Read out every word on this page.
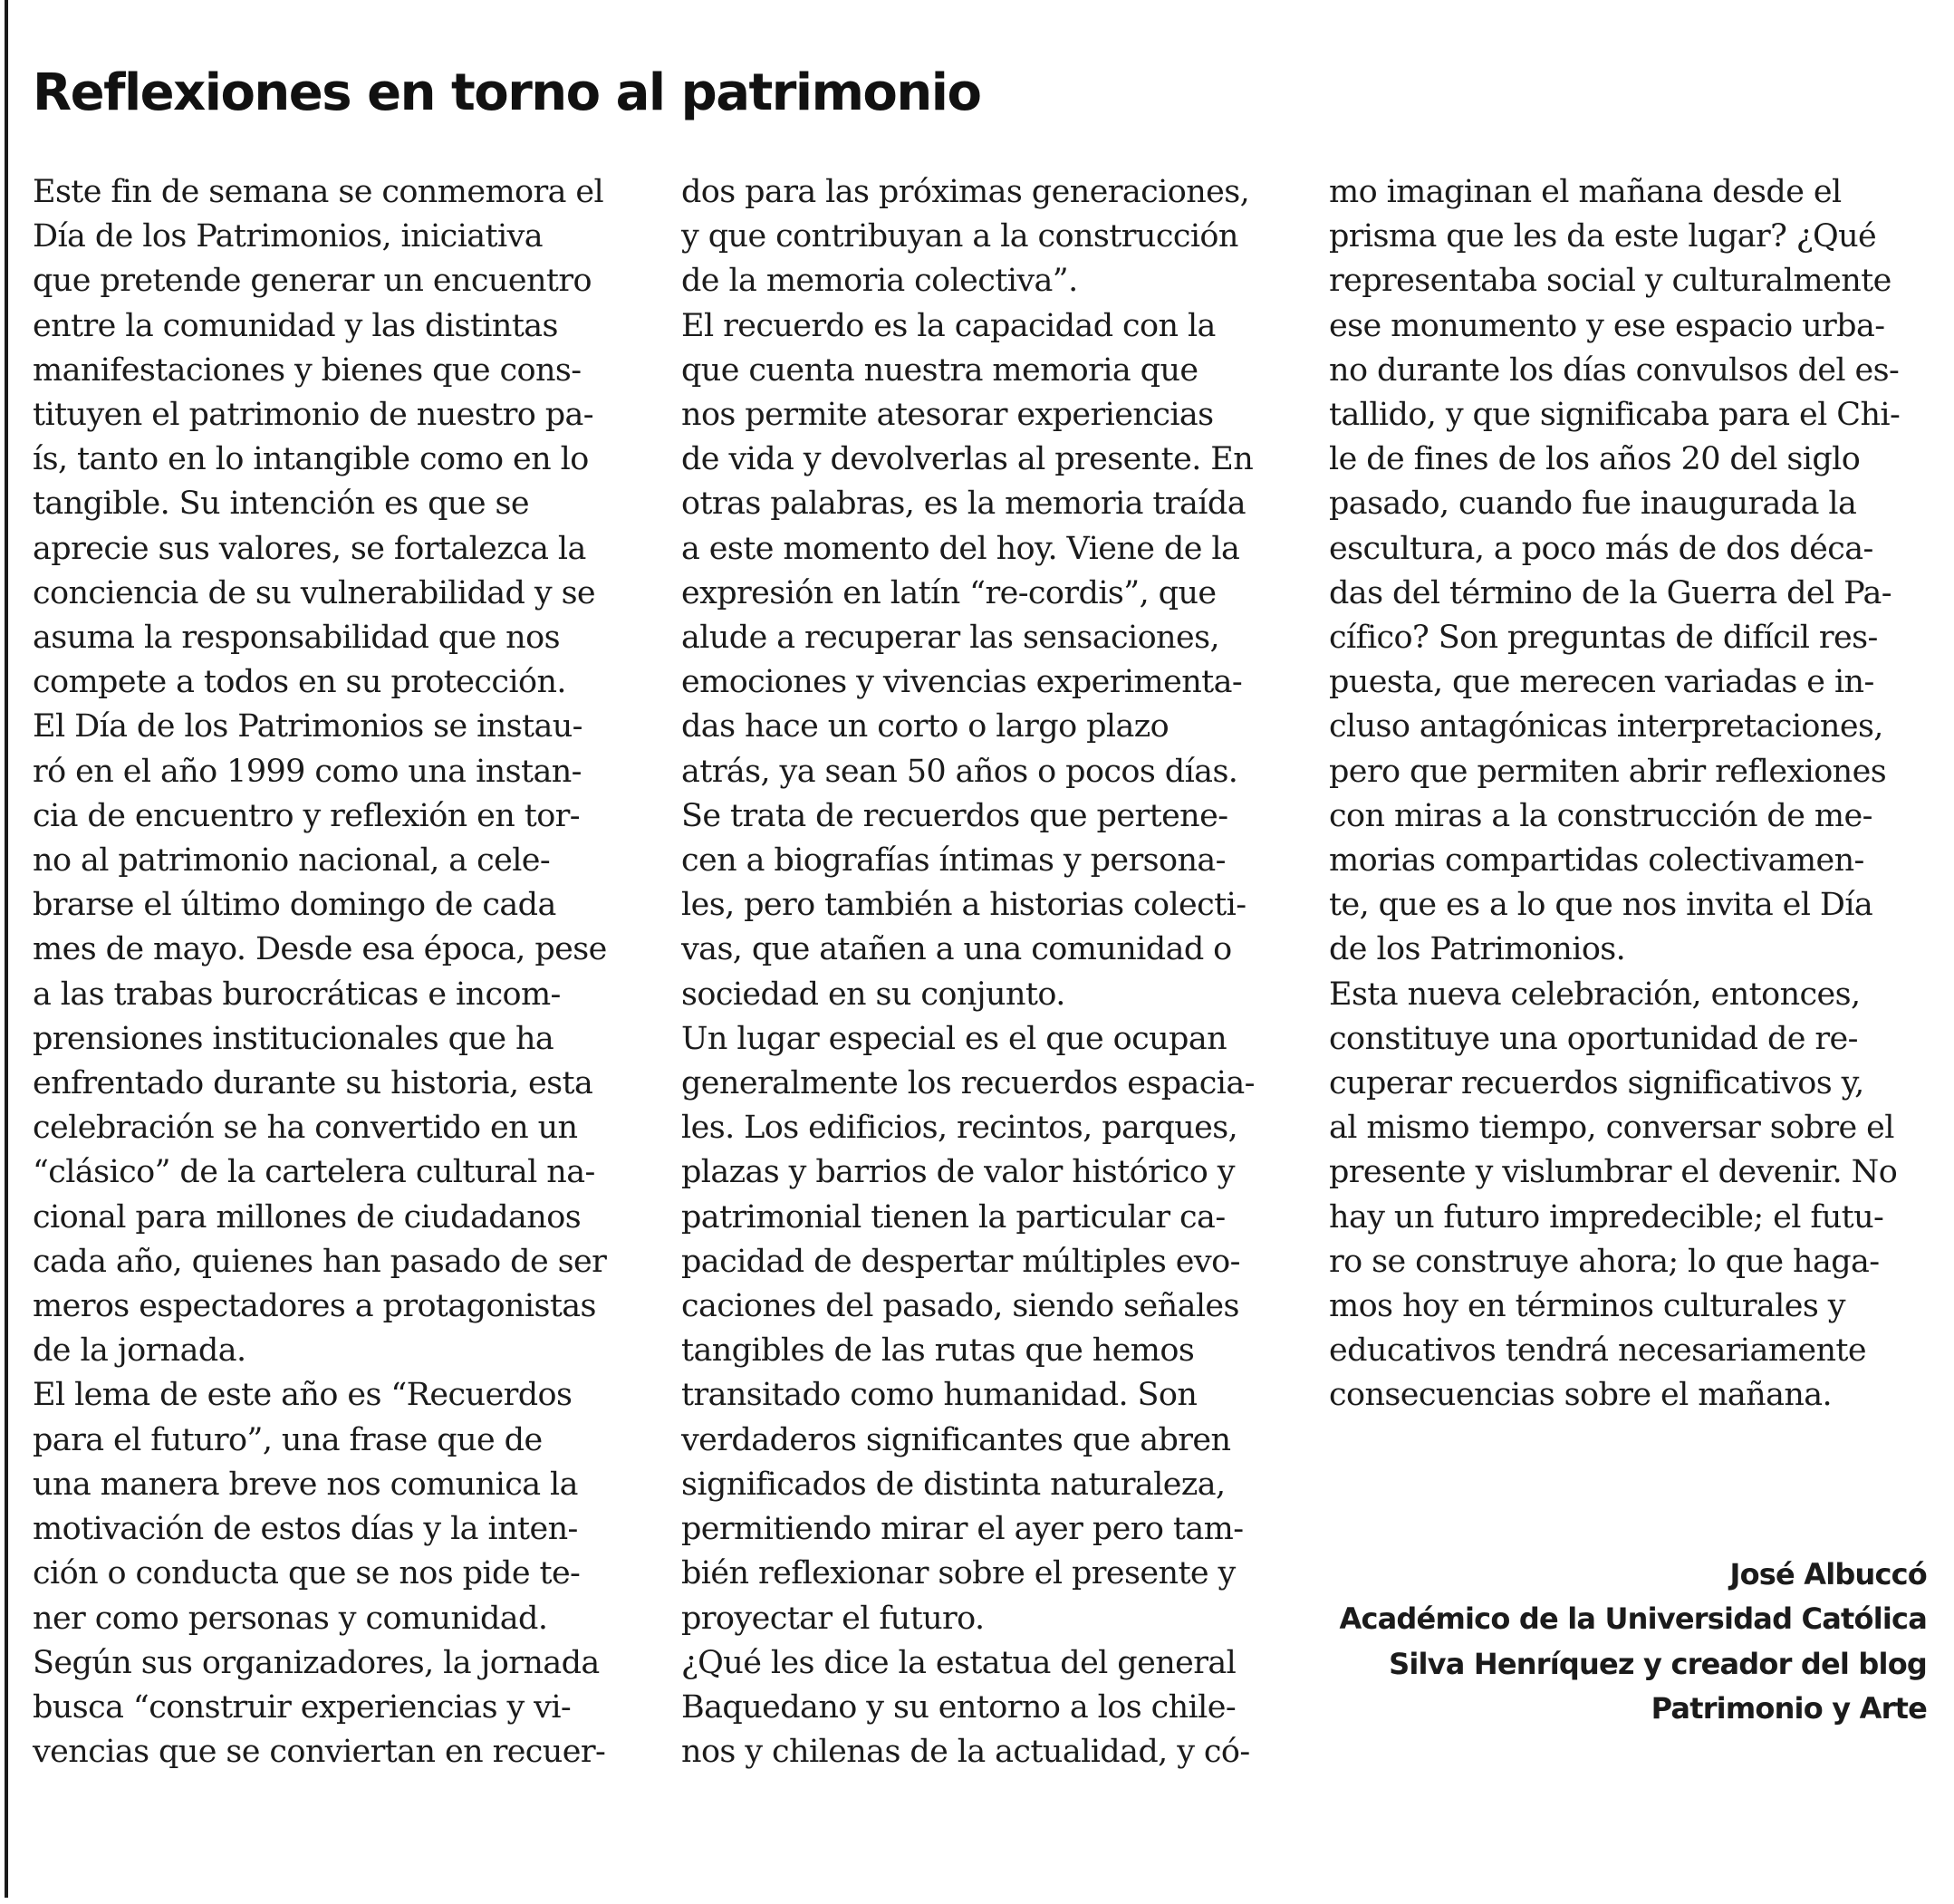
Reflexiones en torno al patrimonio
Este fin de semana se conmemora el
Día de los Patrimonios, iniciativa
que pretende generar un encuentro
entre la comunidad y las distintas
manifestaciones y bienes que cons-
tituyen el patrimonio de nuestro pa-
ís, tanto en lo intangible como en lo
tangible. Su intención es que se
aprecie sus valores, se fortalezca la
conciencia de su vulnerabilidad y se
asuma la responsabilidad que nos
compete a todos en su protección.
El Día de los Patrimonios se instau-
ró en el año 1999 como una instan-
cia de encuentro y reflexión en tor-
no al patrimonio nacional, a cele-
brarse el último domingo de cada
mes de mayo. Desde esa época, pese
a las trabas burocráticas e incom-
prensiones institucionales que ha
enfrentado durante su historia, esta
celebración se ha convertido en un
“clásico” de la cartelera cultural na-
cional para millones de ciudadanos
cada año, quienes han pasado de ser
meros espectadores a protagonistas
de la jornada.
El lema de este año es “Recuerdos
para el futuro”, una frase que de
una manera breve nos comunica la
motivación de estos días y la inten-
ción o conducta que se nos pide te-
ner como personas y comunidad.
Según sus organizadores, la jornada
busca “construir experiencias y vi-
vencias que se conviertan en recuer-
dos para las próximas generaciones,
y que contribuyan a la construcción
de la memoria colectiva”.
El recuerdo es la capacidad con la
que cuenta nuestra memoria que
nos permite atesorar experiencias
de vida y devolverlas al presente. En
otras palabras, es la memoria traída
a este momento del hoy. Viene de la
expresión en latín “re-cordis”, que
alude a recuperar las sensaciones,
emociones y vivencias experimenta-
das hace un corto o largo plazo
atrás, ya sean 50 años o pocos días.
Se trata de recuerdos que pertene-
cen a biografías íntimas y persona-
les, pero también a historias colecti-
vas, que atañen a una comunidad o
sociedad en su conjunto.
Un lugar especial es el que ocupan
generalmente los recuerdos espacia-
les. Los edificios, recintos, parques,
plazas y barrios de valor histórico y
patrimonial tienen la particular ca-
pacidad de despertar múltiples evo-
caciones del pasado, siendo señales
tangibles de las rutas que hemos
transitado como humanidad. Son
verdaderos significantes que abren
significados de distinta naturaleza,
permitiendo mirar el ayer pero tam-
bién reflexionar sobre el presente y
proyectar el futuro.
¿Qué les dice la estatua del general
Baquedano y su entorno a los chile-
nos y chilenas de la actualidad, y có-
mo imaginan el mañana desde el
prisma que les da este lugar? ¿Qué
representaba social y culturalmente
ese monumento y ese espacio urba-
no durante los días convulsos del es-
tallido, y que significaba para el Chi-
le de fines de los años 20 del siglo
pasado, cuando fue inaugurada la
escultura, a poco más de dos déca-
das del término de la Guerra del Pa-
cífico? Son preguntas de difícil res-
puesta, que merecen variadas e in-
cluso antagónicas interpretaciones,
pero que permiten abrir reflexiones
con miras a la construcción de me-
morias compartidas colectivamen-
te, que es a lo que nos invita el Día
de los Patrimonios.
Esta nueva celebración, entonces,
constituye una oportunidad de re-
cuperar recuerdos significativos y,
al mismo tiempo, conversar sobre el
presente y vislumbrar el devenir. No
hay un futuro impredecible; el futu-
ro se construye ahora; lo que haga-
mos hoy en términos culturales y
educativos tendrá necesariamente
consecuencias sobre el mañana.
José Albuccó
Académico de la Universidad Católica
Silva Henríquez y creador del blog
Patrimonio y Arte
